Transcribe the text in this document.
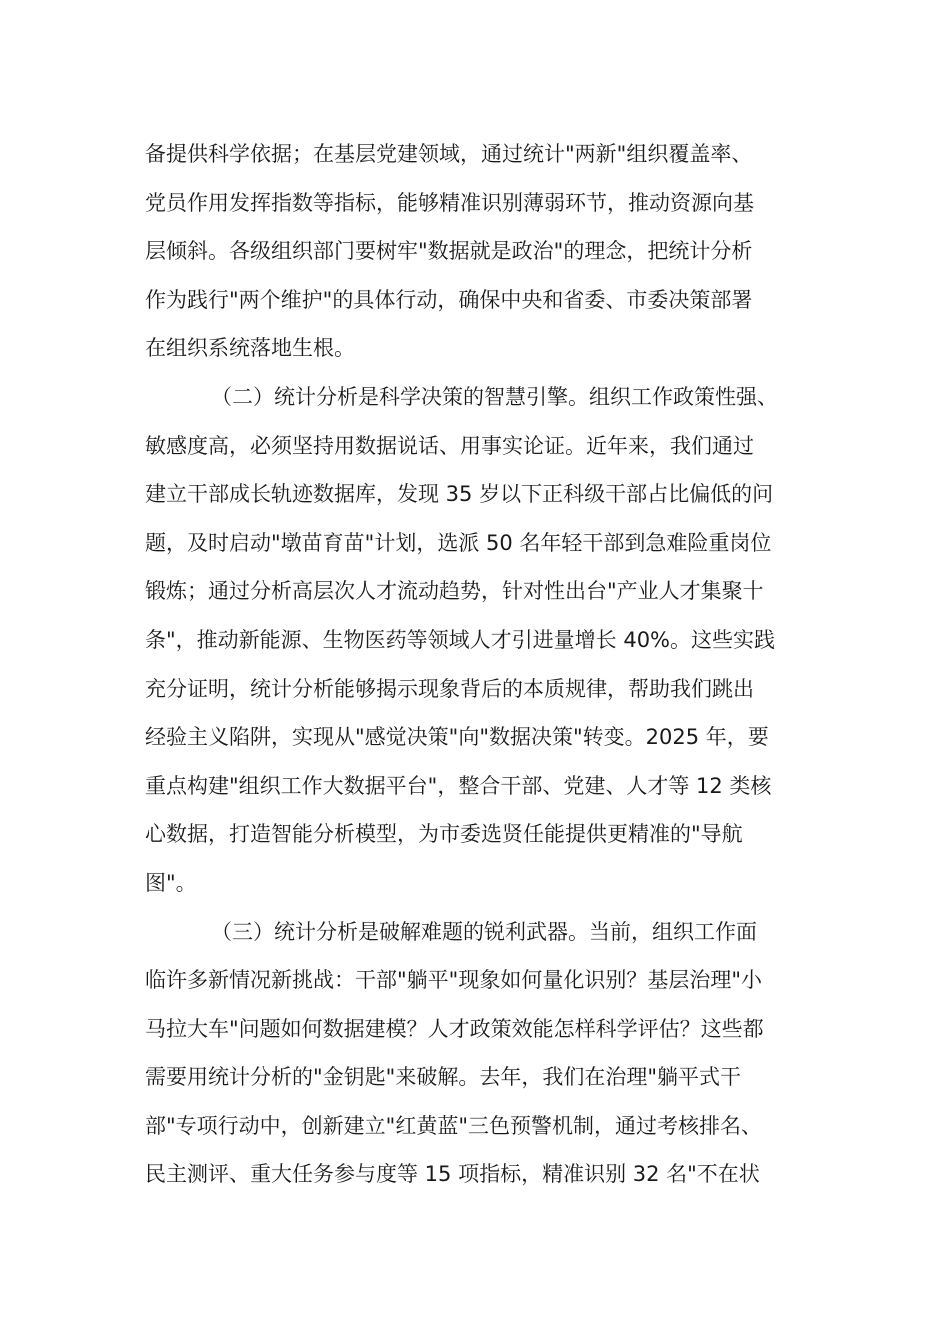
备提供科学依据；在基层党建领域，通过统计"两新"组织覆盖率、
党员作用发挥指数等指标，能够精准识别薄弱环节，推动资源向基
层倾斜。各级组织部门要树牢"数据就是政治"的理念，把统计分析
作为践行"两个维护"的具体行动，确保中央和省委、市委决策部署
在组织系统落地生根。
（二）统计分析是科学决策的智慧引擎。组织工作政策性强、
敏感度高，必须坚持用数据说话、用事实论证。近年来，我们通过
建立干部成长轨迹数据库，发现 35 岁以下正科级干部占比偏低的问
题，及时启动"墩苗育苗"计划，选派 50 名年轻干部到急难险重岗位
锻炼；通过分析高层次人才流动趋势，针对性出台"产业人才集聚十
条"，推动新能源、生物医药等领域人才引进量增长 40%。这些实践
充分证明，统计分析能够揭示现象背后的本质规律，帮助我们跳出
经验主义陷阱，实现从"感觉决策"向"数据决策"转变。2025 年，要
重点构建"组织工作大数据平台"，整合干部、党建、人才等 12 类核
心数据，打造智能分析模型，为市委选贤任能提供更精准的"导航
图"。
（三）统计分析是破解难题的锐利武器。当前，组织工作面
临许多新情况新挑战：干部"躺平"现象如何量化识别？基层治理"小
马拉大车"问题如何数据建模？人才政策效能怎样科学评估？这些都
需要用统计分析的"金钥匙"来破解。去年，我们在治理"躺平式干
部"专项行动中，创新建立"红黄蓝"三色预警机制，通过考核排名、
民主测评、重大任务参与度等 15 项指标，精准识别 32 名"不在状
